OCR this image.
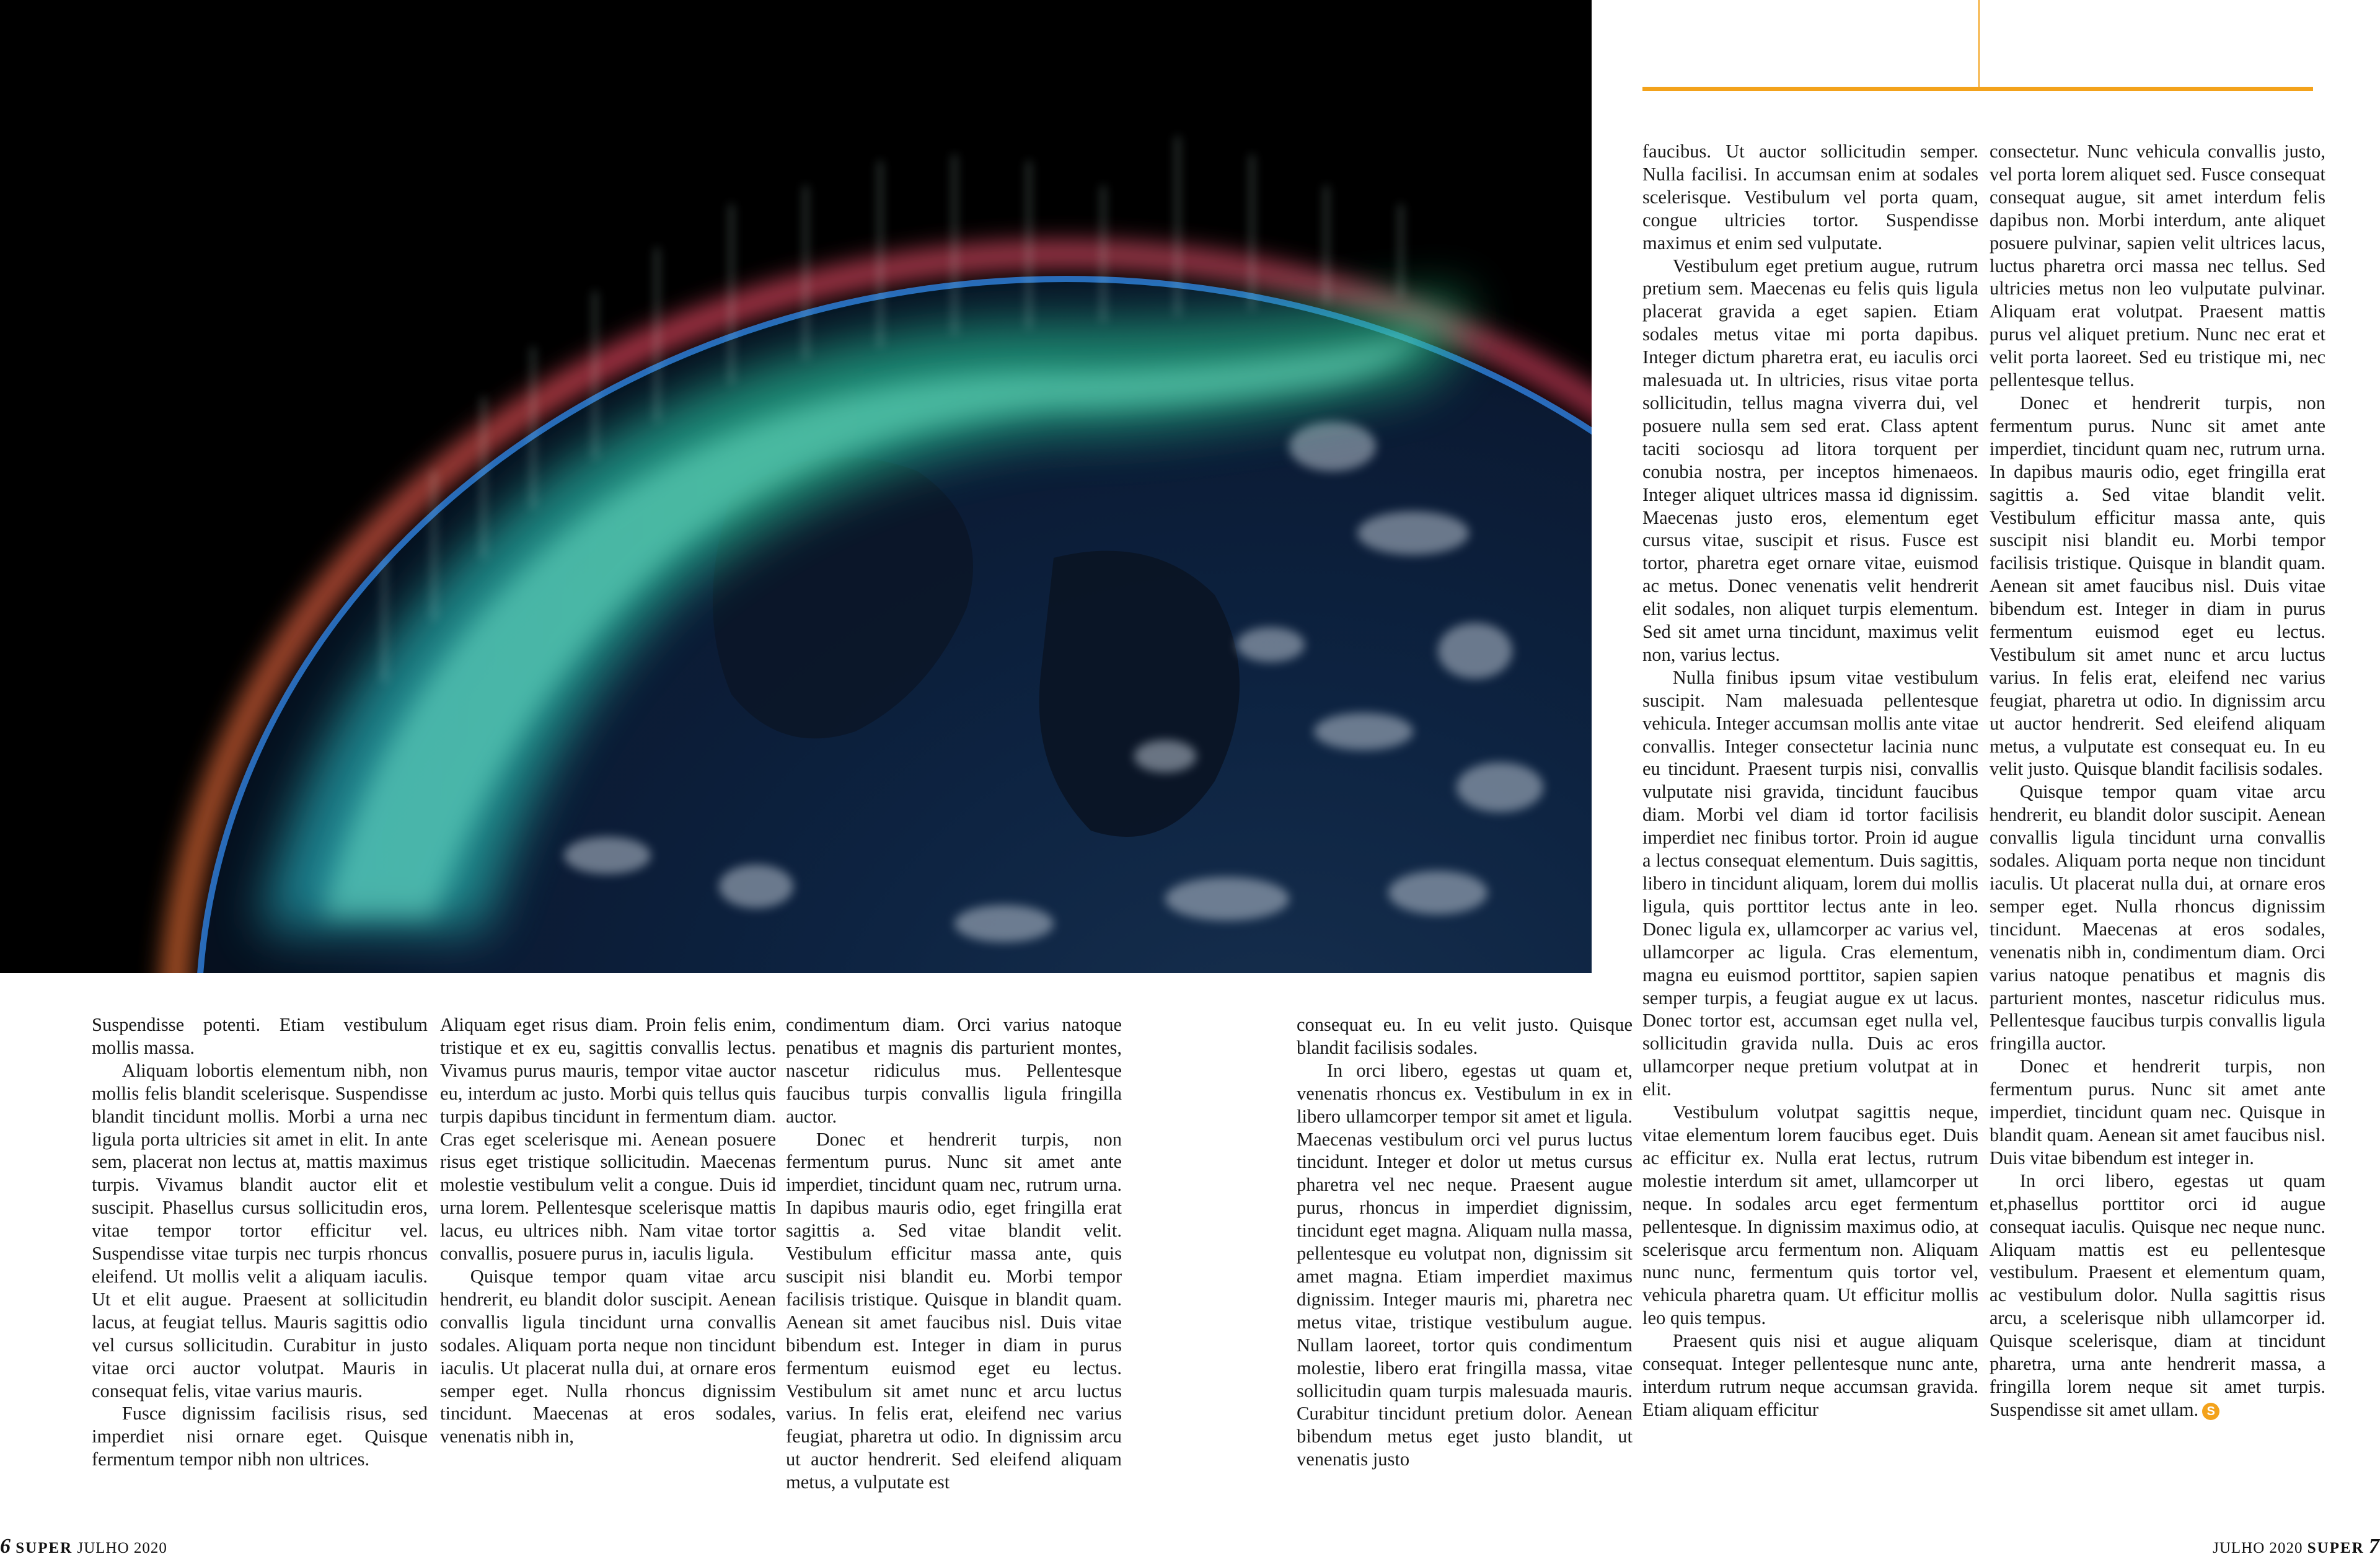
Suspendisse potenti. Etiam vestibulum mollis massa.

Aliquam lobortis elementum nibh, non mollis felis blandit scelerisque. Suspendisse blandit tincidunt mollis. Morbi a urna nec ligula porta ultricies sit amet in elit. In ante sem, placerat non lectus at, mattis maximus turpis. Vivamus blandit auctor elit et suscipit. Phasellus cursus sollicitudin eros, vitae tempor tortor efficitur vel. Suspendisse vitae turpis nec turpis rhoncus eleifend. Ut mollis velit a aliquam iaculis. Ut et elit augue. Praesent at sollicitudin lacus, at feugiat tellus. Mauris sagittis odio vel cursus sollicitudin. Curabitur in justo vitae orci auctor volutpat. Mauris in consequat felis, vitae varius mauris.

Fusce dignissim facilisis risus, sed imperdiet nisi ornare eget. Quisque fermentum tempor nibh non ultrices.

Aliquam eget risus diam. Proin felis enim, tristique et ex eu, sagittis convallis lectus. Vivamus purus mauris, tempor vitae auctor eu, interdum ac justo. Morbi quis tellus quis turpis dapibus tincidunt in fermentum diam. Cras eget scelerisque mi. Aenean posuere risus eget tristique sollicitudin. Maecenas molestie vestibulum velit a congue. Duis id urna lorem. Pellentesque scelerisque mattis lacus, eu ultrices nibh. Nam vitae tortor convallis, posuere purus in, iaculis ligula.

Quisque tempor quam vitae arcu hendrerit, eu blandit dolor suscipit. Aenean convallis ligula tincidunt urna convallis sodales. Aliquam porta neque non tincidunt iaculis. Ut placerat nulla dui, at ornare eros semper eget. Nulla rhoncus dignissim tincidunt. Maecenas at eros sodales, venenatis nibh in,

condimentum diam. Orci varius natoque penatibus et magnis dis parturient montes, nascetur ridiculus mus. Pellentesque faucibus turpis convallis ligula fringilla auctor.

Donec et hendrerit turpis, non fermentum purus. Nunc sit amet ante imperdiet, tincidunt quam nec, rutrum urna. In dapibus mauris odio, eget fringilla erat sagittis a. Sed vitae blandit velit. Vestibulum efficitur massa ante, quis suscipit nisi blandit eu. Morbi tempor facilisis tristique. Quisque in blandit quam. Aenean sit amet faucibus nisl. Duis vitae bibendum est. Integer in diam in purus fermentum euismod eget eu lectus. Vestibulum sit amet nunc et arcu luctus varius. In felis erat, eleifend nec varius feugiat, pharetra ut odio. In dignissim arcu ut auctor hendrerit. Sed eleifend aliquam metus, a vulputate est

consequat eu. In eu velit justo. Quisque blandit facilisis sodales.

In orci libero, egestas ut quam et, venenatis rhoncus ex. Vestibulum in ex in libero ullamcorper tempor sit amet et ligula. Maecenas vestibulum orci vel purus luctus tincidunt. Integer et dolor ut metus cursus pharetra vel nec neque. Praesent augue purus, rhoncus in imperdiet dignissim, tincidunt eget magna. Aliquam nulla massa, pellentesque eu volutpat non, dignissim sit amet magna. Etiam imperdiet maximus dignissim. Integer mauris mi, pharetra nec metus vitae, tristique vestibulum augue. Nullam laoreet, tortor quis condimentum molestie, libero erat fringilla massa, vitae sollicitudin quam turpis malesuada mauris. Curabitur tincidunt pretium dolor. Aenean bibendum metus eget justo blandit, ut venenatis justo

faucibus. Ut auctor sollicitudin semper. Nulla facilisi. In accumsan enim at sodales scelerisque. Vestibulum vel porta quam, congue ultricies tortor. Suspendisse maximus et enim sed vulputate.

Vestibulum eget pretium augue, rutrum pretium sem. Maecenas eu felis quis ligula placerat gravida a eget sapien. Etiam sodales metus vitae mi porta dapibus. Integer dictum pharetra erat, eu iaculis orci malesuada ut. In ultricies, risus vitae porta sollicitudin, tellus magna viverra dui, vel posuere nulla sem sed erat. Class aptent taciti sociosqu ad litora torquent per conubia nostra, per inceptos himenaeos. Integer aliquet ultrices massa id dignissim. Maecenas justo eros, elementum eget cursus vitae, suscipit et risus. Fusce est tortor, pharetra eget ornare vitae, euismod ac metus. Donec venenatis velit hendrerit elit sodales, non aliquet turpis elementum. Sed sit amet urna tincidunt, maximus velit non, varius lectus.

Nulla finibus ipsum vitae vestibulum suscipit. Nam malesuada pellentesque vehicula. Integer accumsan mollis ante vitae convallis. Integer consectetur lacinia nunc eu tincidunt. Praesent turpis nisi, convallis vulputate nisi gravida, tincidunt faucibus diam. Morbi vel diam id tortor facilisis imperdiet nec finibus tortor. Proin id augue a lectus consequat elementum. Duis sagittis, libero in tincidunt aliquam, lorem dui mollis ligula, quis porttitor lectus ante in leo. Donec ligula ex, ullamcorper ac varius vel, ullamcorper ac ligula. Cras elementum, magna eu euismod porttitor, sapien sapien semper turpis, a feugiat augue ex ut lacus. Donec tortor est, accumsan eget nulla vel, sollicitudin gravida nulla. Duis ac eros ullamcorper neque pretium volutpat at in elit.

Vestibulum volutpat sagittis neque, vitae elementum lorem faucibus eget. Duis ac efficitur ex. Nulla erat lectus, rutrum molestie interdum sit amet, ullamcorper ut neque. In sodales arcu eget fermentum pellentesque. In dignissim maximus odio, at scelerisque arcu fermentum non. Aliquam nunc nunc, fermentum quis tortor vel, vehicula pharetra quam. Ut efficitur mollis leo quis tempus.

Praesent quis nisi et augue aliquam consequat. Integer pellentesque nunc ante, interdum rutrum neque accumsan gravida. Etiam aliquam efficitur

consectetur. Nunc vehicula convallis justo, vel porta lorem aliquet sed. Fusce consequat consequat augue, sit amet interdum felis dapibus non. Morbi interdum, ante aliquet posuere pulvinar, sapien velit ultrices lacus, luctus pharetra orci massa nec tellus. Sed ultricies metus non leo vulputate pulvinar. Aliquam erat volutpat. Praesent mattis purus vel aliquet pretium. Nunc nec erat et velit porta laoreet. Sed eu tristique mi, nec pellentesque tellus.

Donec et hendrerit turpis, non fermentum purus. Nunc sit amet ante imperdiet, tincidunt quam nec, rutrum urna. In dapibus mauris odio, eget fringilla erat sagittis a. Sed vitae blandit velit. Vestibulum efficitur massa ante, quis suscipit nisi blandit eu. Morbi tempor facilisis tristique. Quisque in blandit quam. Aenean sit amet faucibus nisl. Duis vitae bibendum est. Integer in diam in purus fermentum euismod eget eu lectus. Vestibulum sit amet nunc et arcu luctus varius. In felis erat, eleifend nec varius feugiat, pharetra ut odio. In dignissim arcu ut auctor hendrerit. Sed eleifend aliquam metus, a vulputate est consequat eu. In eu velit justo. Quisque blandit facilisis sodales.

Quisque tempor quam vitae arcu hendrerit, eu blandit dolor suscipit. Aenean convallis ligula tincidunt urna convallis sodales. Aliquam porta neque non tincidunt iaculis. Ut placerat nulla dui, at ornare eros semper eget. Nulla rhoncus dignissim tincidunt. Maecenas at eros sodales, venenatis nibh in, condimentum diam. Orci varius natoque penatibus et magnis dis parturient montes, nascetur ridiculus mus. Pellentesque faucibus turpis convallis ligula fringilla auctor.

Donec et hendrerit turpis, non fermentum purus. Nunc sit amet ante imperdiet, tincidunt quam nec. Quisque in blandit quam. Aenean sit amet faucibus nisl. Duis vitae bibendum est integer in.

In orci libero, egestas ut quam et,phasellus porttitor orci id augue consequat iaculis. Quisque nec neque nunc. Aliquam mattis est eu pellentesque vestibulum. Praesent et elementum quam, ac vestibulum dolor. Nulla sagittis risus arcu, a scelerisque nibh ullamcorper id. Quisque scelerisque, diam at tincidunt pharetra, urna ante hendrerit massa, a fringilla lorem neque sit amet turpis. Suspendisse sit amet ullam. S

6 SUPER JULHO 2020	JULHO 2020 SUPER 7
